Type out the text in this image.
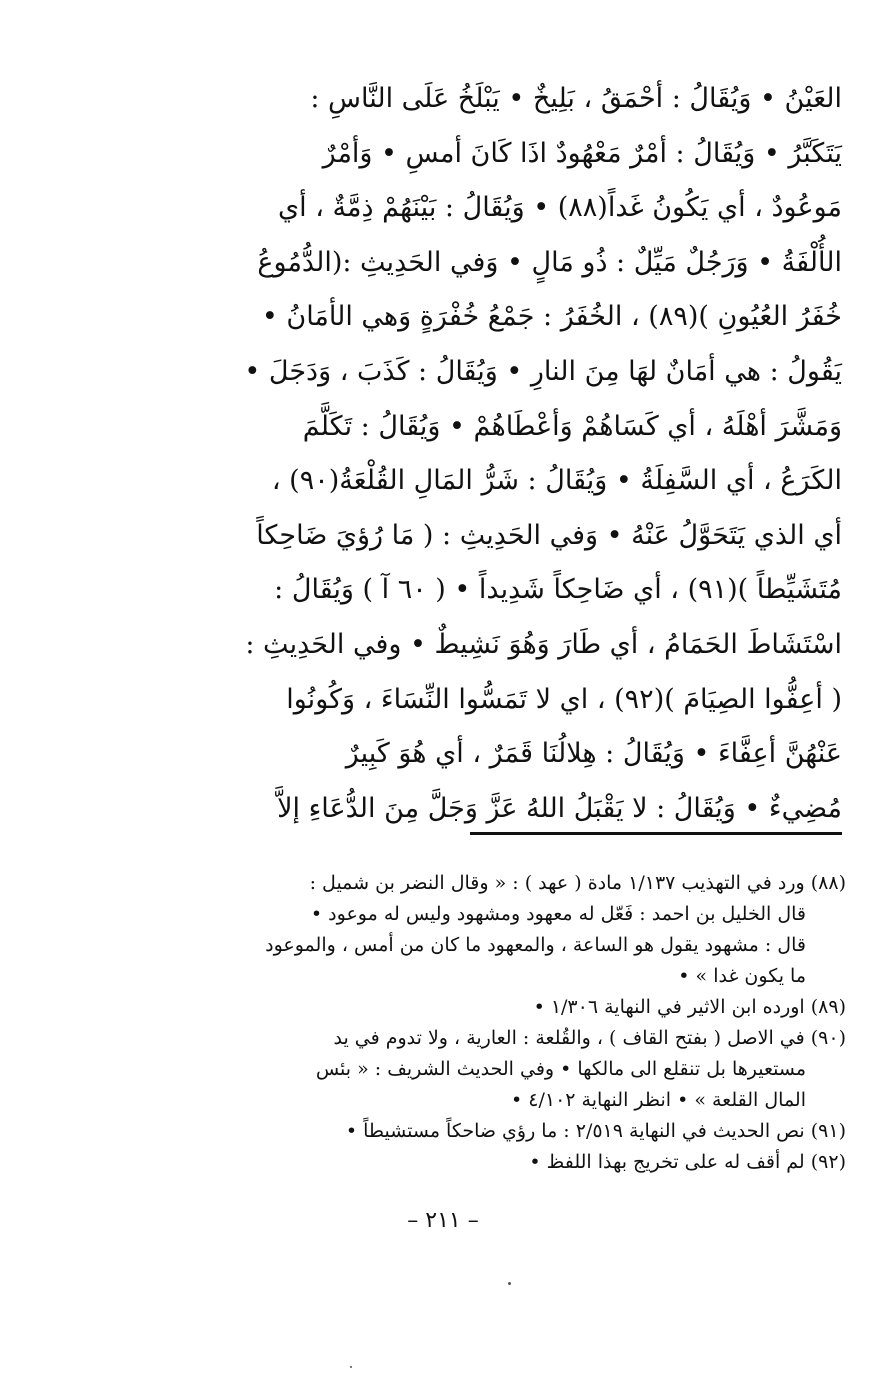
العَيْنُ • وَيُقَالُ : أحْمَقُ ، بَلِيخٌ • يَبْلَخُ عَلَى النَّاسِ :
يَتَكَبَّرُ • وَيُقَالُ : أمْرٌ مَعْهُودٌ اذَا كَانَ أمسِ • وَأمْرٌ
مَوعُودٌ ، أي يَكُونُ غَداً(٨٨) • وَيُقَالُ : بَيْنَهُمْ ذِمَّةٌ ، أي
الأُلْفَةُ • وَرَجُلٌ مَيِّلٌ : ذُو مَالٍ • وَفي الحَدِيثِ :(الدُّمُوعُ
خُفَرُ العُيُونِ )(٨٩) ، الخُفَرُ : جَمْعُ خُفْرَةٍ وَهي الأمَانُ •
يَقُولُ : هي أمَانٌ لهَا مِنَ النارِ • وَيُقَالُ : كَذَبَ ، وَدَجَلَ •
وَمَشَّرَ أهْلَهُ ، أي كَسَاهُمْ وَأعْطَاهُمْ • وَيُقَالُ : تَكَلَّمَ
الكَرَعُ ، أي السَّفِلَةُ • وَيُقَالُ : شَرُّ المَالِ القُلْعَةُ(٩٠) ،
أي الذي يَتَحَوَّلُ عَنْهُ • وَفي الحَدِيثِ : ( مَا رُؤيَ ضَاحِكاً
مُتَشَيِّطاً )(٩١) ، أي ضَاحِكاً شَدِيداً • ( ٦٠ آ ) وَيُقَالُ :
اسْتَشَاطَ الحَمَامُ ، أي طَارَ وَهُوَ نَشِيطٌ • وفي الحَدِيثِ :
( أعِفُّوا الصِيَامَ )(٩٢) ، اي لا تَمَسُّوا النِّسَاءَ ، وَكُونُوا
عَنْهُنَّ أعِفَّاءَ • وَيُقَالُ : هِلالُنَا قَمَرٌ ، أي هُوَ كَبِيرٌ
مُضِيءٌ • وَيُقَالُ : لا يَقْبَلُ اللهُ عَزَّ وَجَلَّ مِنَ الدُّعَاءِ إلاَّ
(٨٨) ورد في التهذيب ١/١٣٧ مادة ( عهد ) : « وقال النضر بن شميل :
قال الخليل بن احمد : فَعّل له معهود ومشهود وليس له موعود •
قال : مشهود يقول هو الساعة ، والمعهود ما كان من أمس ، والموعود
ما يكون غدا » •
(٨٩) اورده ابن الاثير في النهاية ١/٣٠٦ •
(٩٠) في الاصل ( بفتح القاف ) ، والقُلعة : العارية ، ولا تدوم في يد
مستعيرها بل تنقلع الى مالكها • وفي الحديث الشريف : « بئس
المال القلعة » • انظر النهاية ٤/١٠٢ •
(٩١) نص الحديث في النهاية ٢/٥١٩ : ما رؤي ضاحكاً مستشيطاً •
(٩٢) لم أقف له على تخريج بهذا اللفظ •
– ٢١١ –
